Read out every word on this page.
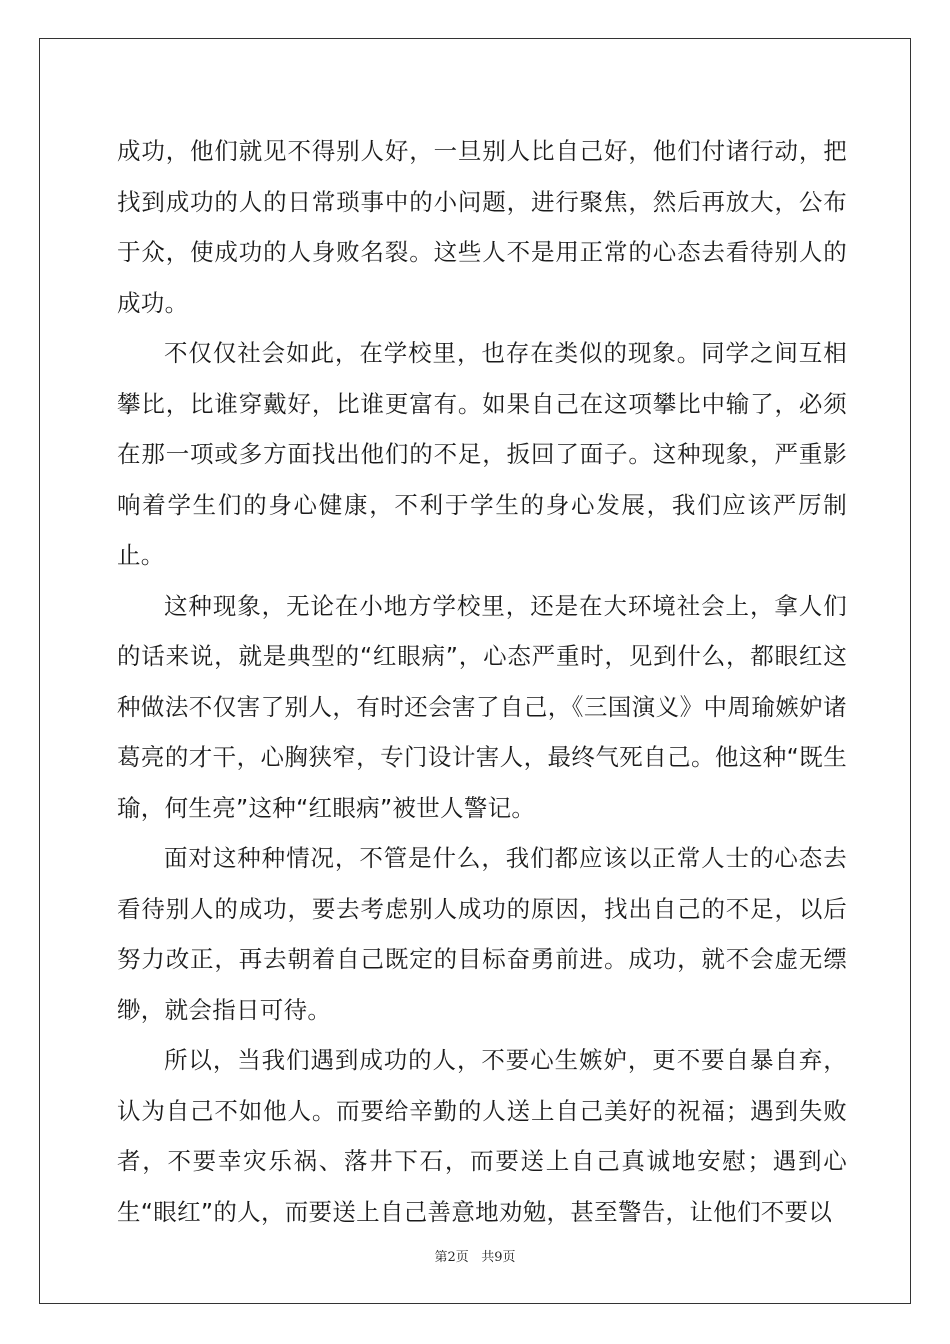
成功，他们就见不得别人好，一旦别人比自己好，他们付诸行动，把找到成功的人的日常琐事中的小问题，进行聚焦，然后再放大，公布于众，使成功的人身败名裂。这些人不是用正常的心态去看待别人的成功。

不仅仅社会如此，在学校里，也存在类似的现象。同学之间互相攀比，比谁穿戴好，比谁更富有。如果自己在这项攀比中输了，必须在那一项或多方面找出他们的不足，扳回了面子。这种现象，严重影响着学生们的身心健康，不利于学生的身心发展，我们应该严厉制止。

这种现象，无论在小地方学校里，还是在大环境社会上，拿人们的话来说，就是典型的“红眼病”，心态严重时，见到什么，都眼红这种做法不仅害了别人，有时还会害了自己，《三国演义》中周瑜嫉妒诸葛亮的才干，心胸狭窄，专门设计害人，最终气死自己。他这种“既生瑜，何生亮”这种“红眼病”被世人警记。

面对这种种情况，不管是什么，我们都应该以正常人士的心态去看待别人的成功，要去考虑别人成功的原因，找出自己的不足，以后努力改正，再去朝着自己既定的目标奋勇前进。成功，就不会虚无缥缈，就会指日可待。

所以，当我们遇到成功的人，不要心生嫉妒，更不要自暴自弃，认为自己不如他人。而要给辛勤的人送上自己美好的祝福；遇到失败者，不要幸灾乐祸、落井下石，而要送上自己真诚地安慰；遇到心生“眼红”的人，而要送上自己善意地劝勉，甚至警告，让他们不要以

第2页 共9页
